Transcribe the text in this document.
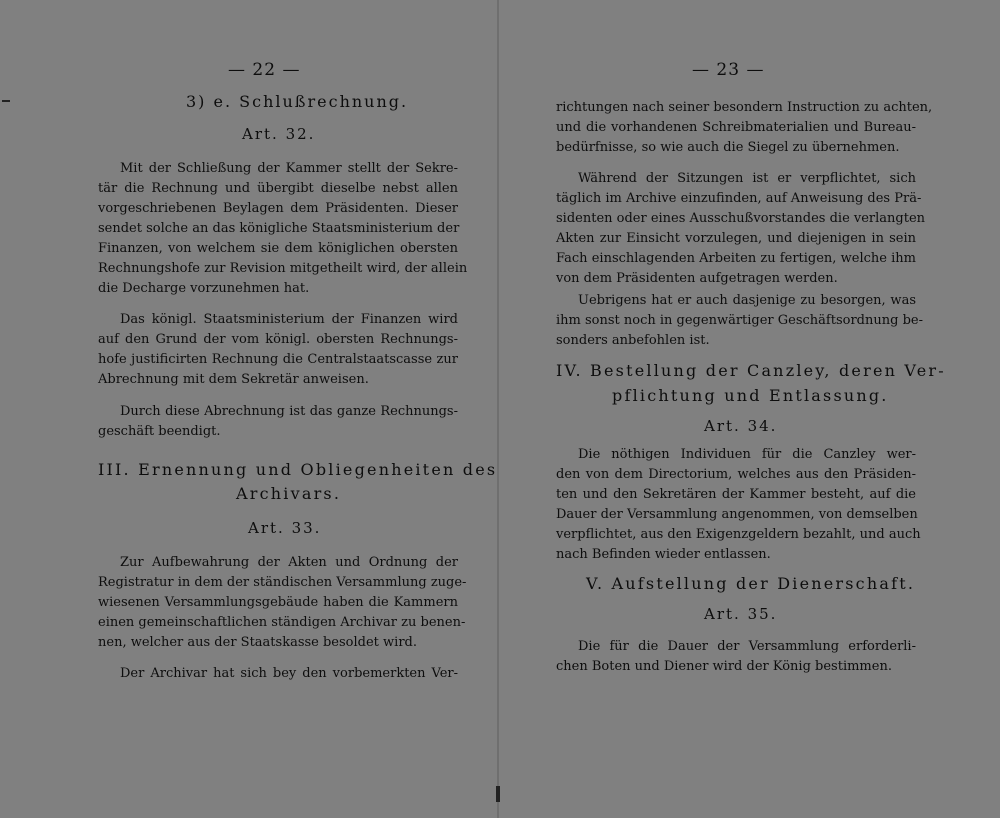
— 22 —
3) e. Schlußrechnung.
Art. 32.
Mit der Schließung der Kammer stellt der Sekre-
tär die Rechnung und übergibt dieselbe nebst allen
vorgeschriebenen Beylagen dem Präsidenten. Dieser
sendet solche an das königliche Staatsministerium der
Finanzen, von welchem sie dem königlichen obersten
Rechnungshofe zur Revision mitgetheilt wird, der allein
die Decharge vorzunehmen hat.
Das königl. Staatsministerium der Finanzen wird
auf den Grund der vom königl. obersten Rechnungs-
hofe justificirten Rechnung die Centralstaatscasse zur
Abrechnung mit dem Sekretär anweisen.
Durch diese Abrechnung ist das ganze Rechnungs-
geschäft beendigt.
III. Ernennung und Obliegenheiten des
Archivars.
Art. 33.
Zur Aufbewahrung der Akten und Ordnung der
Registratur in dem der ständischen Versammlung zuge-
wiesenen Versammlungsgebäude haben die Kammern
einen gemeinschaftlichen ständigen Archivar zu benen-
nen, welcher aus der Staatskasse besoldet wird.
Der Archivar hat sich bey den vorbemerkten Ver-
— 23 —
richtungen nach seiner besondern Instruction zu achten,
und die vorhandenen Schreibmaterialien und Bureau-
bedürfnisse, so wie auch die Siegel zu übernehmen.
Während der Sitzungen ist er verpflichtet, sich
täglich im Archive einzufinden, auf Anweisung des Prä-
sidenten oder eines Ausschußvorstandes die verlangten
Akten zur Einsicht vorzulegen, und diejenigen in sein
Fach einschlagenden Arbeiten zu fertigen, welche ihm
von dem Präsidenten aufgetragen werden.
Uebrigens hat er auch dasjenige zu besorgen, was
ihm sonst noch in gegenwärtiger Geschäftsordnung be-
sonders anbefohlen ist.
IV. Bestellung der Canzley, deren Ver-
pflichtung und Entlassung.
Art. 34.
Die nöthigen Individuen für die Canzley wer-
den von dem Directorium, welches aus den Präsiden-
ten und den Sekretären der Kammer besteht, auf die
Dauer der Versammlung angenommen, von demselben
verpflichtet, aus den Exigenzgeldern bezahlt, und auch
nach Befinden wieder entlassen.
V. Aufstellung der Dienerschaft.
Art. 35.
Die für die Dauer der Versammlung erforderli-
chen Boten und Diener wird der König bestimmen.
